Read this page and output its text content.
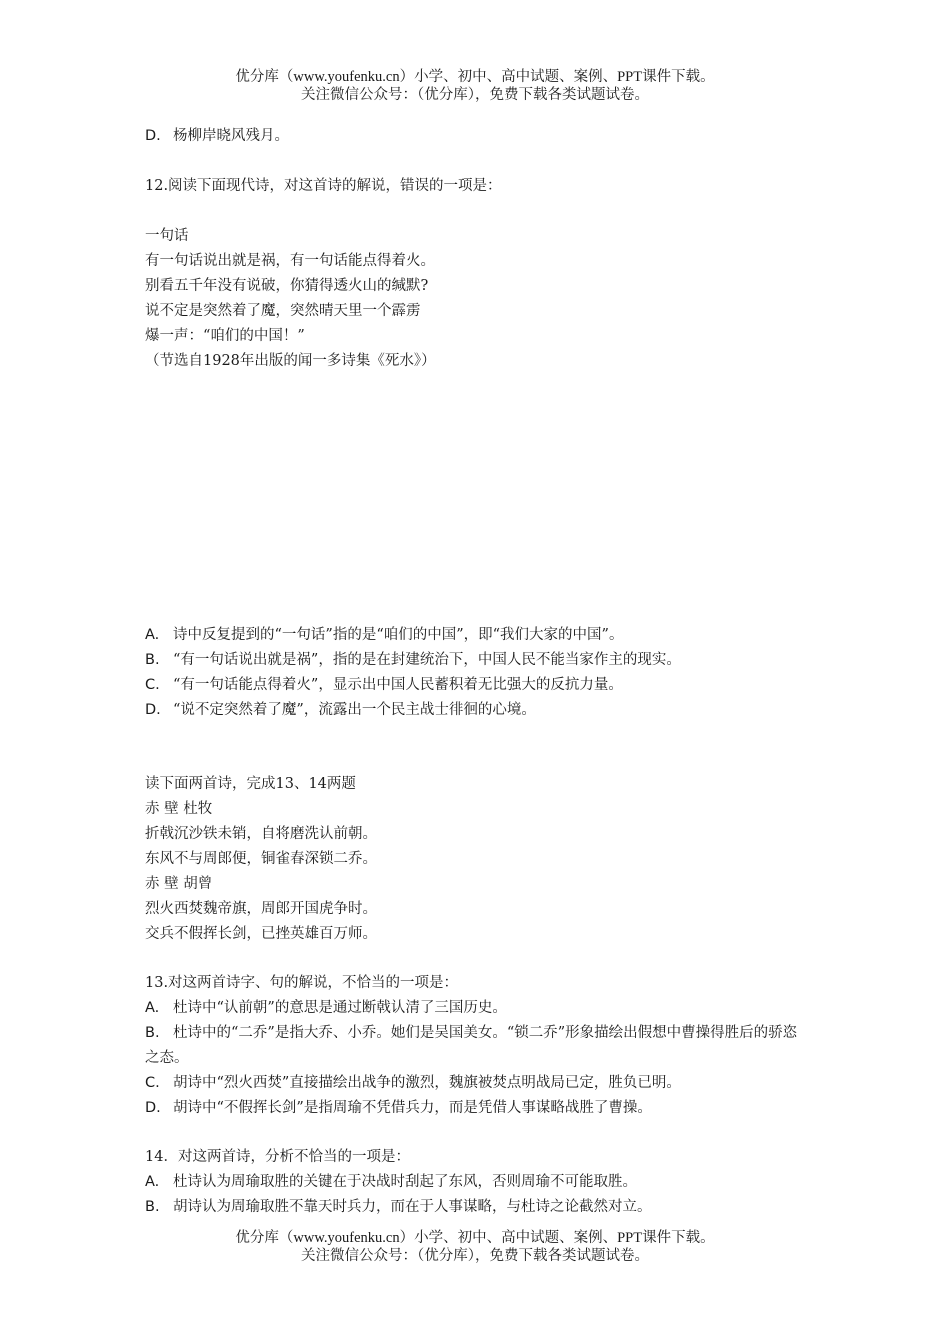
优分库（www.youfenku.cn）小学、初中、高中试题、案例、PPT课件下载。
关注微信公众号：（优分库），免费下载各类试题试卷。
D. 杨柳岸晓风残月。
12.阅读下面现代诗，对这首诗的解说，错误的一项是：
一句话
有一句话说出就是祸，有一句话能点得着火。
别看五千年没有说破，你猜得透火山的缄默?
说不定是突然着了魔，突然晴天里一个霹雳
爆一声：“咱们的中国！”
（节选自1928年出版的闻一多诗集《死水》）
A. 诗中反复提到的“一句话”指的是“咱们的中国”，即“我们大家的中国”。
B. “有一句话说出就是祸”，指的是在封建统治下，中国人民不能当家作主的现实。
C. “有一句话能点得着火”，显示出中国人民蓄积着无比强大的反抗力量。
D. “说不定突然着了魔”，流露出一个民主战士徘徊的心境。
读下面两首诗，完成13、14两题
赤 壁 杜牧
折戟沉沙铁未销，自将磨洗认前朝。
东风不与周郎便，铜雀春深锁二乔。
赤 壁 胡曾
烈火西焚魏帝旗，周郎开国虎争时。
交兵不假挥长剑，已挫英雄百万师。
13.对这两首诗字、句的解说，不恰当的一项是：
A. 杜诗中“认前朝”的意思是通过断戟认清了三国历史。
B. 杜诗中的“二乔”是指大乔、小乔。她们是吴国美女。“锁二乔”形象描绘出假想中曹操得胜后的骄恣之态。
C. 胡诗中“烈火西焚”直接描绘出战争的激烈，魏旗被焚点明战局已定，胜负已明。
D. 胡诗中“不假挥长剑”是指周瑜不凭借兵力，而是凭借人事谋略战胜了曹操。
14．对这两首诗，分析不恰当的一项是：
A. 杜诗认为周瑜取胜的关键在于决战时刮起了东风，否则周瑜不可能取胜。
B. 胡诗认为周瑜取胜不靠天时兵力，而在于人事谋略，与杜诗之论截然对立。
优分库（www.youfenku.cn）小学、初中、高中试题、案例、PPT课件下载。
关注微信公众号：（优分库），免费下载各类试题试卷。
